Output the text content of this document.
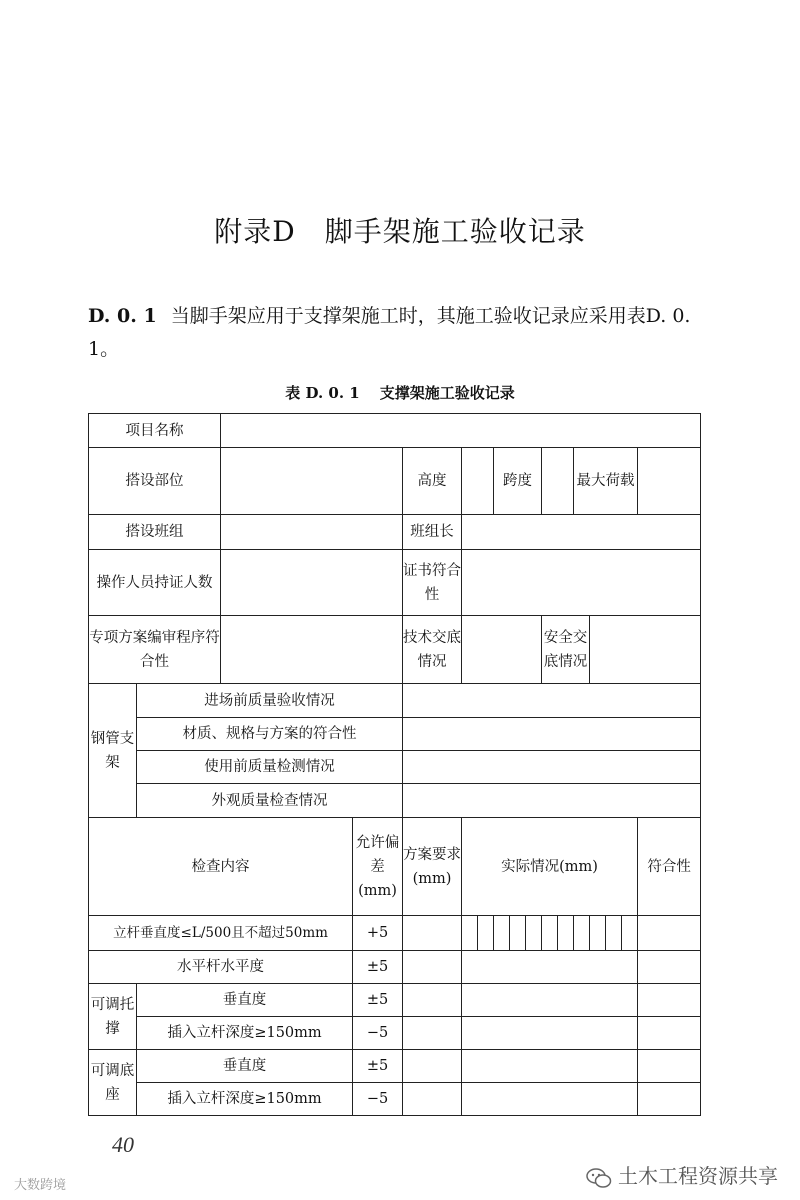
附录D　脚手架施工验收记录
D. 0. 1 当脚手架应用于支撑架施工时，其施工验收记录应采用表D. 0. 1。
表 D. 0. 1 支撑架施工验收记录
项目名称																
搭设部位				高度			跨度					最大荷载				
搭设班组				班组长												
操作人员持证人数				证书符合性												
专项方案编审程序符合性				技术交底情况						安全交底情况						
钢管支架	进场前质量验收情况															
	材质、规格与方案的符合性															
	使用前质量检测情况															
	外观质量检查情况															
检查内容			允许偏差(mm)	方案要求(mm)	实际情况(mm)											符合性
立杆垂直度≤L/500且不超过50mm			+5													
水平杆水平度			±5													
可调托撑	垂直度		±5													
	插入立杆深度≥150mm		−5													
可调底座	垂直度		±5													
	插入立杆深度≥150mm		−5													
40
大数跨境	土木工程资源共享
